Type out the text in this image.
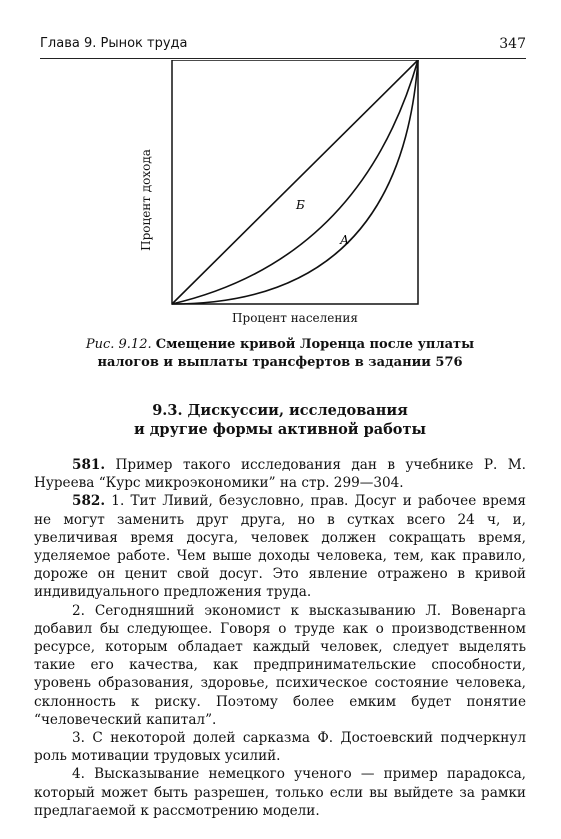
Глава 9. Рынок труда	347
Б
А
Процент дохода
Процент населения
Рис. 9.12. Смещение кривой Лоренца после уплаты налогов и выплаты трансфертов в задании 576
9.3. Дискуссии, исследования
и другие формы активной работы

581. Пример такого исследования дан в учебнике Р. М. Нуреева “Курс микроэкономики” на стр. 299—304.

582. 1. Тит Ливий, безусловно, прав. Досуг и рабочее время не могут заменить друг друга, но в сутках всего 24 ч, и, увеличивая время досуга, человек должен сокращать время, уделяемое работе. Чем выше доходы человека, тем, как правило, дороже он ценит свой досуг. Это явление отражено в кривой индивидуального предложения труда.

2. Сегодняшний экономист к высказыванию Л. Вовенарга добавил бы следующее. Говоря о труде как о производственном ресурсе, которым обладает каждый человек, следует выделять такие его качества, как предпринимательские способности, уровень образования, здоровье, психическое состояние человека, склонность к риску. Поэтому более емким будет понятие “человеческий капитал”.

3. С некоторой долей сарказма Ф. Достоевский подчеркнул роль мотивации трудовых усилий.

4. Высказывание немецкого ученого — пример парадокса, который может быть разрешен, только если вы выйдете за рамки предлагаемой к рассмотрению модели.
